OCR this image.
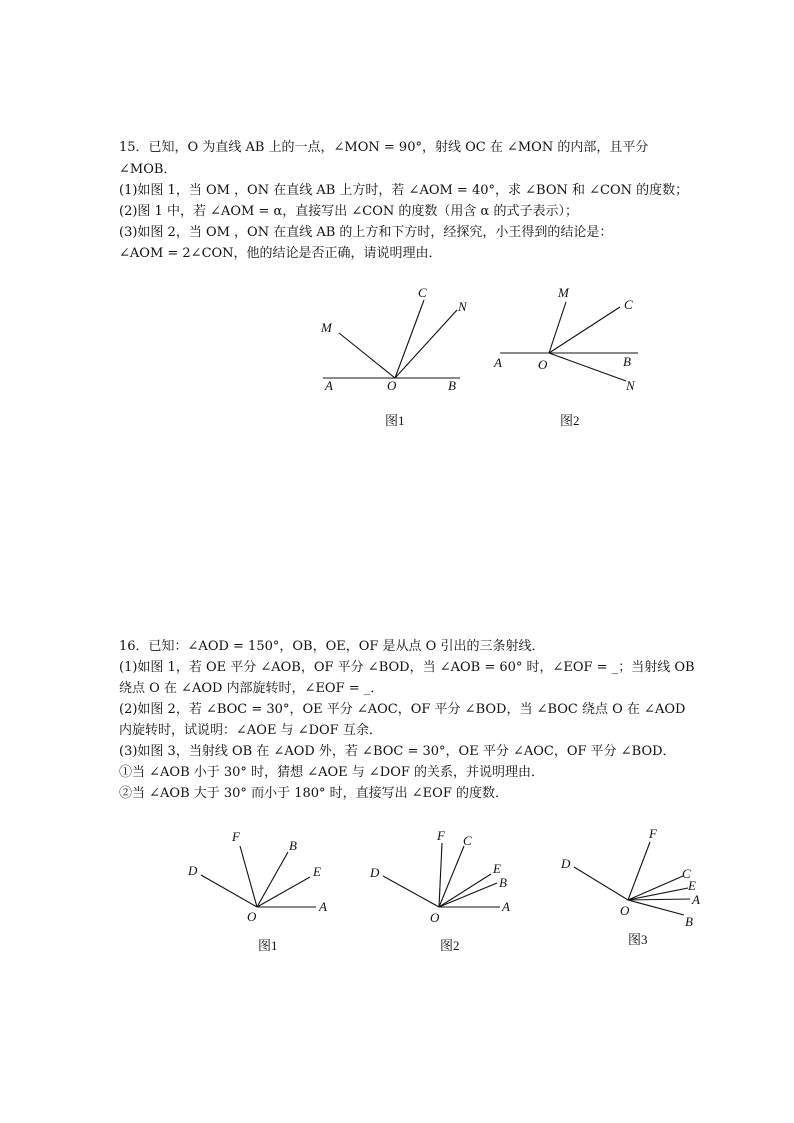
15．已知，O 为直线 AB 上的一点，∠MON = 90°，射线 OC 在 ∠MON 的内部，且平分
∠MOB．
(1)如图 1，当 OM ，ON 在直线 AB 上方时，若 ∠AOM = 40°，求 ∠BON 和 ∠CON 的度数；
(2)图 1 中，若 ∠AOM = α，直接写出 ∠CON 的度数（用含 α 的式子表示）；
(3)如图 2，当 OM ，ON 在直线 AB 的上方和下方时，经探究，小王得到的结论是：
∠AOM = 2∠CON，他的结论是否正确，请说明理由．
M
C
N
A	O	B
图1
M
C
A	O	B
N
图2
16．已知：∠AOD = 150°，OB，OE，OF 是从点 O 引出的三条射线．
(1)如图 1，若 OE 平分 ∠AOB，OF 平分 ∠BOD，当 ∠AOB = 60° 时，∠EOF = _；当射线 OB
绕点 O 在 ∠AOD 内部旋转时，∠EOF = _．
(2)如图 2，若 ∠BOC = 30°，OE 平分 ∠AOC，OF 平分 ∠BOD，当 ∠BOC 绕点 O 在 ∠AOD
内旋转时，试说明：∠AOE 与 ∠DOF 互余．
(3)如图 3，当射线 OB 在 ∠AOD 外，若 ∠BOC = 30°，OE 平分 ∠AOC，OF 平分 ∠BOD．
①当 ∠AOB 小于 30° 时，猜想 ∠AOE 与 ∠DOF 的关系，并说明理由．
②当 ∠AOB 大于 30° 而小于 180° 时，直接写出 ∠EOF 的度数．
F
B
D	E
O
A
图1
F C
D	E
B
O
A
图2
F
D
C
E
A
O
B
图3
